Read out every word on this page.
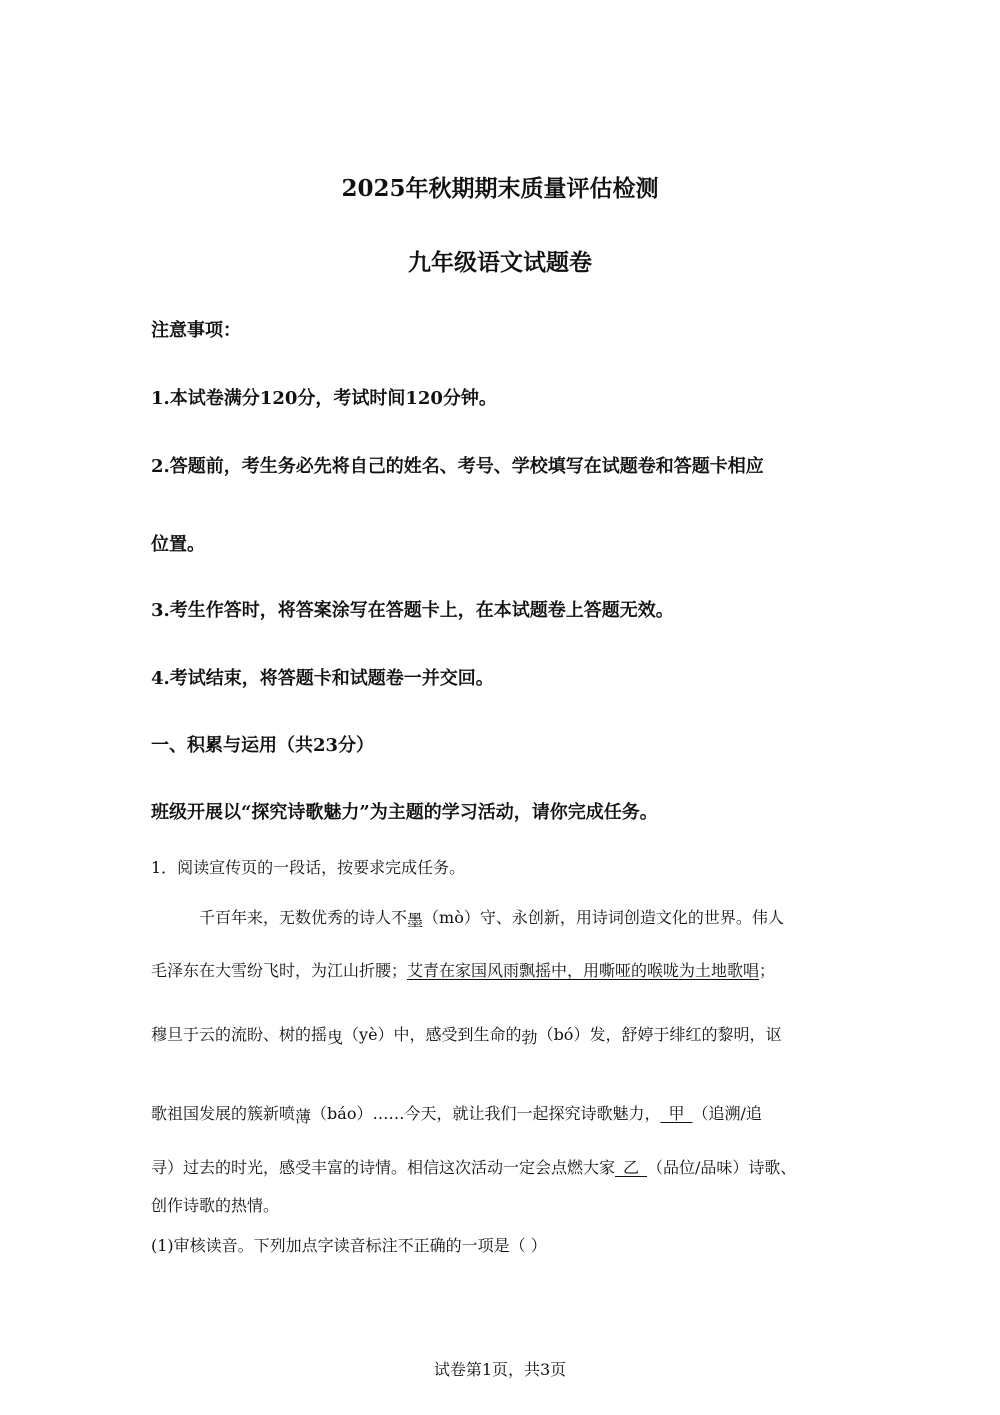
2025年秋期期末质量评估检测
九年级语文试题卷
注意事项：
1.本试卷满分120分，考试时间120分钟。
2.答题前，考生务必先将自己的姓名、考号、学校填写在试题卷和答题卡相应
位置。
3.考生作答时，将答案涂写在答题卡上，在本试题卷上答题无效。
4.考试结束，将答题卡和试题卷一并交回。
一、积累与运用（共23分）
班级开展以“探究诗歌魅力”为主题的学习活动，请你完成任务。
1．阅读宣传页的一段话，按要求完成任务。
千百年来，无数优秀的诗人不墨（mò）守、永创新，用诗词创造文化的世界。伟人
毛泽东在大雪纷飞时，为江山折腰；艾青在家国风雨飘摇中，用嘶哑的喉咙为土地歌唱；
穆旦于云的流盼、树的摇曳（yè）中，感受到生命的勃（bó）发，舒婷于绯红的黎明，讴
歌祖国发展的簇新喷薄（báo）……今天，就让我们一起探究诗歌魅力，_甲_（追溯/追
寻）过去的时光，感受丰富的诗情。相信这次活动一定会点燃大家_乙_（品位/品味）诗歌、
创作诗歌的热情。
(1)审核读音。下列加点字读音标注不正确的一项是（ ）
试卷第1页，共3页
